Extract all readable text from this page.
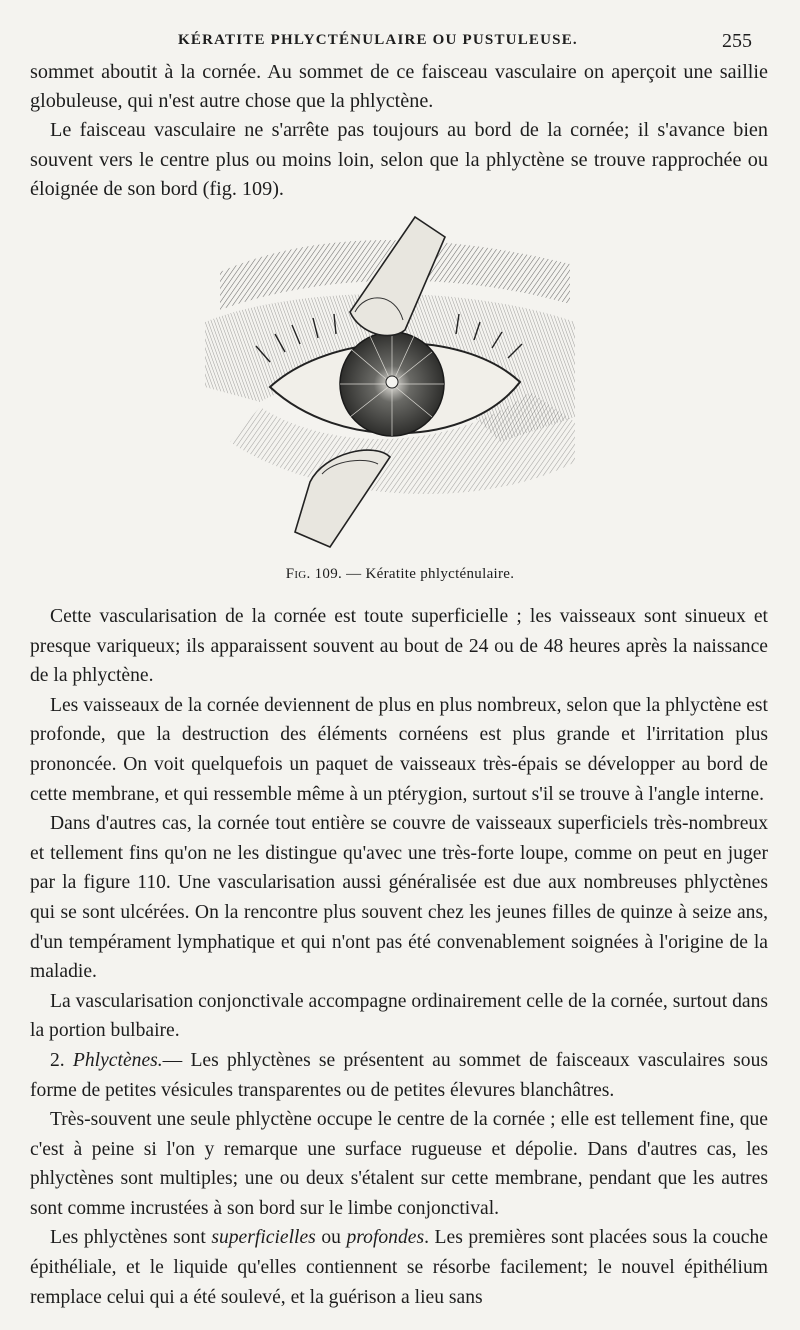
KÉRATITE PHLYCTÉNULAIRE OU PUSTULEUSE.	255

sommet aboutit à la cornée. Au sommet de ce faisceau vasculaire on aperçoit une saillie globuleuse, qui n'est autre chose que la phlyctène.

Le faisceau vasculaire ne s'arrête pas toujours au bord de la cornée; il s'avance bien souvent vers le centre plus ou moins loin, selon que la phlyctène se trouve rapprochée ou éloignée de son bord (fig. 109).

Fig. 109. — Kératite phlycténulaire.

Cette vascularisation de la cornée est toute superficielle ; les vaisseaux sont sinueux et presque variqueux; ils apparaissent souvent au bout de 24 ou de 48 heures après la naissance de la phlyctène.

Les vaisseaux de la cornée deviennent de plus en plus nombreux, selon que la phlyctène est profonde, que la destruction des éléments cornéens est plus grande et l'irritation plus prononcée. On voit quelquefois un paquet de vaisseaux très-épais se développer au bord de cette membrane, et qui ressemble même à un ptérygion, surtout s'il se trouve à l'angle interne.

Dans d'autres cas, la cornée tout entière se couvre de vaisseaux superficiels très-nombreux et tellement fins qu'on ne les distingue qu'avec une très-forte loupe, comme on peut en juger par la figure 110. Une vascularisation aussi généralisée est due aux nombreuses phlyctènes qui se sont ulcérées. On la rencontre plus souvent chez les jeunes filles de quinze à seize ans, d'un tempérament lymphatique et qui n'ont pas été convenablement soignées à l'origine de la maladie.

La vascularisation conjonctivale accompagne ordinairement celle de la cornée, surtout dans la portion bulbaire.

2. Phlyctènes.— Les phlyctènes se présentent au sommet de faisceaux vasculaires sous forme de petites vésicules transparentes ou de petites élevures blanchâtres.

Très-souvent une seule phlyctène occupe le centre de la cornée ; elle est tellement fine, que c'est à peine si l'on y remarque une surface rugueuse et dépolie. Dans d'autres cas, les phlyctènes sont multiples; une ou deux s'étalent sur cette membrane, pendant que les autres sont comme incrustées à son bord sur le limbe conjonctival.

Les phlyctènes sont superficielles ou profondes. Les premières sont placées sous la couche épithéliale, et le liquide qu'elles contiennent se résorbe facilement; le nouvel épithélium remplace celui qui a été soulevé, et la guérison a lieu sans
